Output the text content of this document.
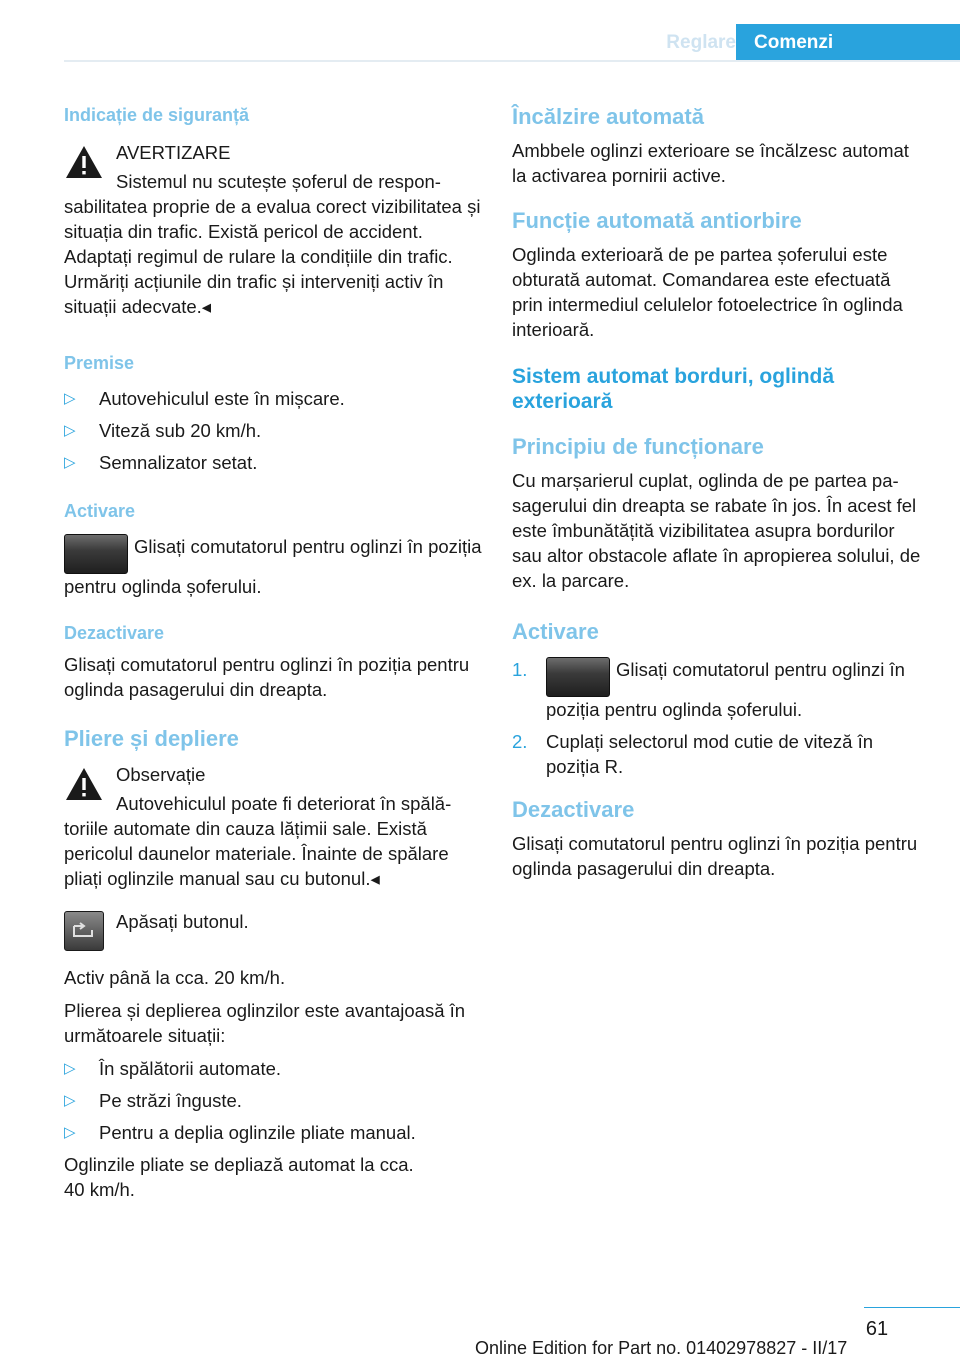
Reglare Comenzi
Indicație de siguranță

AVERTIZARE

Sistemul nu scutește șoferul de responsabilitatea proprie de a evalua corect vizibilitatea și situația din trafic. Există pericol de accident. Adaptați regimul de rulare la condițiile din trafic. Urmăriți acțiunile din trafic și interveniți activ în situații adecvate.◂

Premise
▷ Autovehiculul este în mișcare.
▷ Viteză sub 20 km/h.
▷ Semnalizator setat.
Activare

Glisați comutatorul pentru oglinzi în poziția pentru oglinda șoferului.

Dezactivare

Glisați comutatorul pentru oglinzi în poziția pentru oglinda pasagerului din dreapta.

Pliere și depliere

Observație

Autovehiculul poate fi deteriorat în spălătoriile automate din cauza lățimii sale. Există pericolul daunelor materiale. Înainte de spălare pliați oglinzile manual sau cu butonul.◂

Apăsați butonul.

Activ până la cca. 20 km/h.

Plierea și deplierea oglinzilor este avantajoasă în următoarele situații:

▷ În spălătorii automate.
▷ Pe străzi înguste.
▷ Pentru a deplia oglinzile pliate manual.

Oglinzile pliate se depliază automat la cca.
40 km/h.

Încălzire automată

Ambbele oglinzi exterioare se încălzesc automat la activarea pornirii active.

Funcție automată antiorbire

Oglinda exterioară de pe partea șoferului este obturată automat. Comandarea este efectuată prin intermediul celulelor fotoelectrice în oglinda interioară.

Sistem automat borduri, oglindă exterioară
Principiu de funcționare

Cu marșarierul cuplat, oglinda de pe partea pasagerului din dreapta se rabate în jos. În acest fel este îmbunătățită vizibilitatea asupra bordurilor sau altor obstacole aflate în apropierea solului, de ex. la parcare.

Activare
1.	Glisați comutatorul pentru oglinzi în poziția pentru oglinda șoferului.
2. Cuplați selectorul mod cutie de viteză în poziția R.
Dezactivare

Glisați comutatorul pentru oglinzi în poziția pentru oglinda pasagerului din dreapta.

61
Online Edition for Part no. 01402978827 - II/17
